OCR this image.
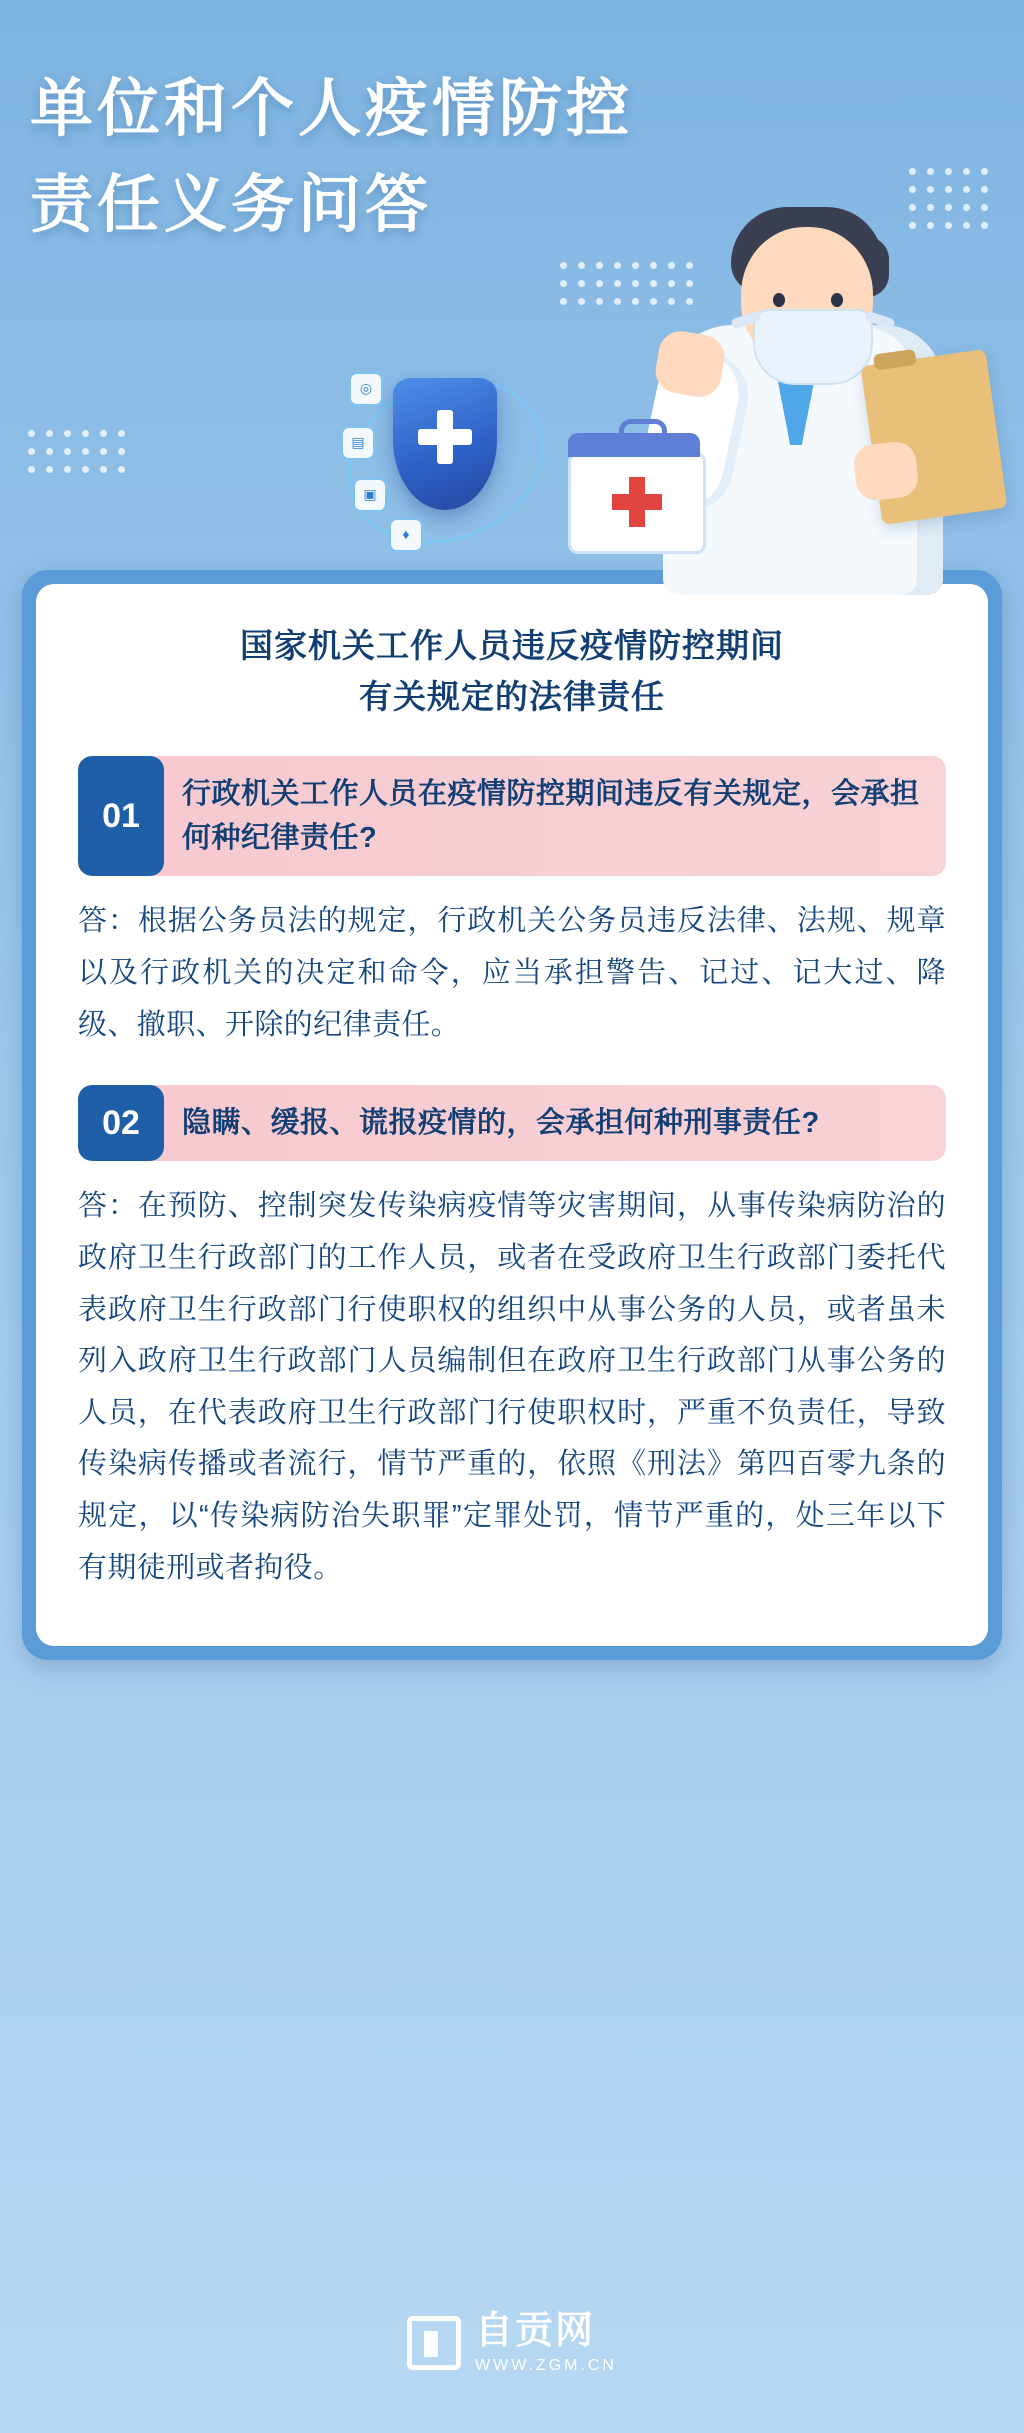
单位和个人疫情防控
责任义务问答
◎
▤
▣
♦
国家机关工作人员违反疫情防控期间
有关规定的法律责任
01
行政机关工作人员在疫情防控期间违反有关规定，会承担何种纪律责任?
答：根据公务员法的规定，行政机关公务员违反法律、法规、规章以及行政机关的决定和命令，应当承担警告、记过、记大过、降级、撤职、开除的纪律责任。
02	隐瞒、缓报、谎报疫情的，会承担何种刑事责任?
答：在预防、控制突发传染病疫情等灾害期间，从事传染病防治的政府卫生行政部门的工作人员，或者在受政府卫生行政部门委托代表政府卫生行政部门行使职权的组织中从事公务的人员，或者虽未列入政府卫生行政部门人员编制但在政府卫生行政部门从事公务的人员，在代表政府卫生行政部门行使职权时，严重不负责任，导致传染病传播或者流行，情节严重的，依照《刑法》第四百零九条的规定，以“传染病防治失职罪”定罪处罚，情节严重的，处三年以下有期徒刑或者拘役。
自贡网
WWW.ZGM.CN
